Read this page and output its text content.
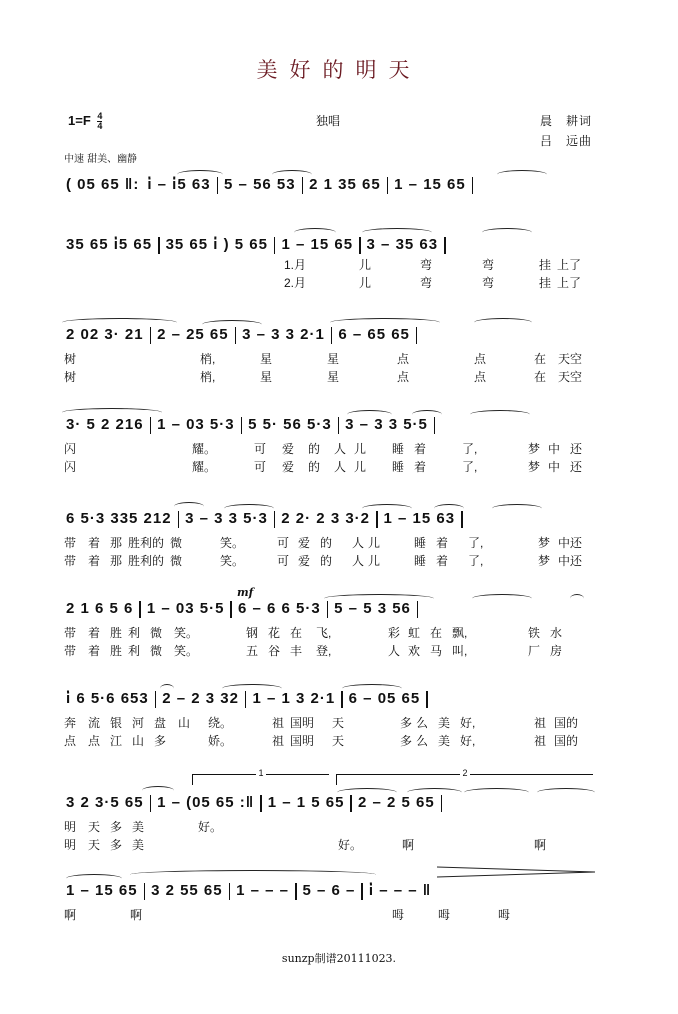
美好的明天
$1=F \frac{4}{4}$	独唱	晨　耕词
吕　远曲
中速 甜美、幽静
( 05 65 ‖: i̇ – i̇5 63 5 – 56 53 2 1 35 65 1 – 15 65
35 65 i̇5 65 35 65 i̇ ) 5 65 1 – 15 65 3 – 35 63
1.月	儿	弯	弯	挂 上了
2.月	儿	弯	弯	挂 上了
2 02 3· 21 2 – 25 65 3 – 3 3 2·1 6 – 65 65
树	梢,	星	星	点	点	在 天空
树	梢,	星	星	点	点	在 天空
3· 5 2 216 1 – 03 5·3 5 5· 56 5·3 3 – 3 3 5·5
闪	耀。	可 爱 的 人 儿 睡 着	了,	梦 中 还
闪	耀。	可 爱 的 人 儿 睡 着	了,	梦 中 还
6 5·3 335 212 3 – 3 3 5·3 2 2· 2 3 3·2 1 – 15 63
带 着 那 胜利的 微	笑。	可 爱 的 人 儿	睡 着 了,	梦 中还
带 着 那 胜利的 微	笑。	可 爱 的 人 儿	睡 着 了,	梦 中还
mf
2 1 6 5 6 1 – 03 5·5 6 – 6 6 5·3 5 – 5 3 56
带 着 胜 利 微 笑。	钢 花 在 飞,	彩 虹 在 飘,	铁 水
带 着 胜 利 微 笑。	五 谷 丰 登,	人 欢 马 叫,	厂 房
i̇ 6 5·6 653 2 – 2 3 32 1 – 1 3 2·1 6 – 05 65
奔 流 银 河 盘 山 绕。	祖 国明 天	多 么 美 好,	祖 国的
点 点 江 山 多	娇。	祖 国明 天	多 么 美 好,	祖 国的
1	2
3 2 3·5 65 1 – (05 65 :‖ 1 – 1 5 65 2 – 2 5 65
明 天 多 美	好。
明 天 多 美	好。	啊	啊
1 – 15 65 3 2 55 65 1 – – – 5 – 6 – i̇ – – – ‖
啊	啊	呣	呣	呣
sunzp制谱20111023.
